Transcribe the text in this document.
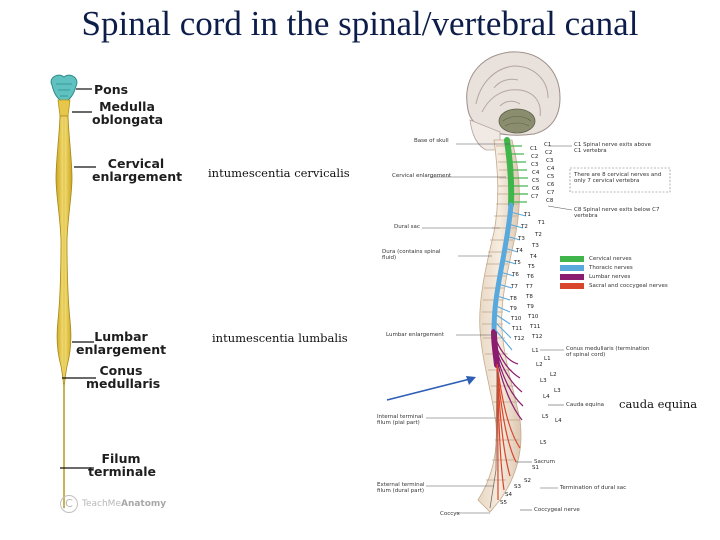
Spinal cord in the spinal/vertebral canal
Pons
Medulla oblongata
Cervical enlargement
Lumbar enlargement
Conus medullaris
Filum terminale
intumescentia cervicalis
intumescentia lumbalis
cauda equina
Base of skull
Cervical enlargement
Dural sac
Dura (contains spinal fluid)
Lumbar enlargement
Internal terminal filum (pial part)
External terminal filum (dural part)
Coccyx
C1 Spinal nerve exits above C1 vertebra
There are 8 cervical nerves and only 7 cervical vertebra
C8 Spinal nerve exits below C7 vertebra
Conus medullaris (termination of spinal cord)
Cauda equina
Sacrum
Termination of dural sac
Coccygeal nerve
C1
C2
C3
C4
C5
C6
C7
C1
C2
C3
C4
C5
C6
C7
C8
T1
T2
T3
T4
T5
T6
T7
T8
T9
T10
T11
T12
T1
T2
T3
T4
T5
T6
T7
T8
T9
T10
T11
T12
L1
L2
L3
L4
L5
L1
L2
L3
L4
L5
S1
S2
S3
S4
S5
Cervical nerves
Thoracic nerves
Lumbar nerves
Sacral and coccygeal nerves
C	TeachMe Anatomy
